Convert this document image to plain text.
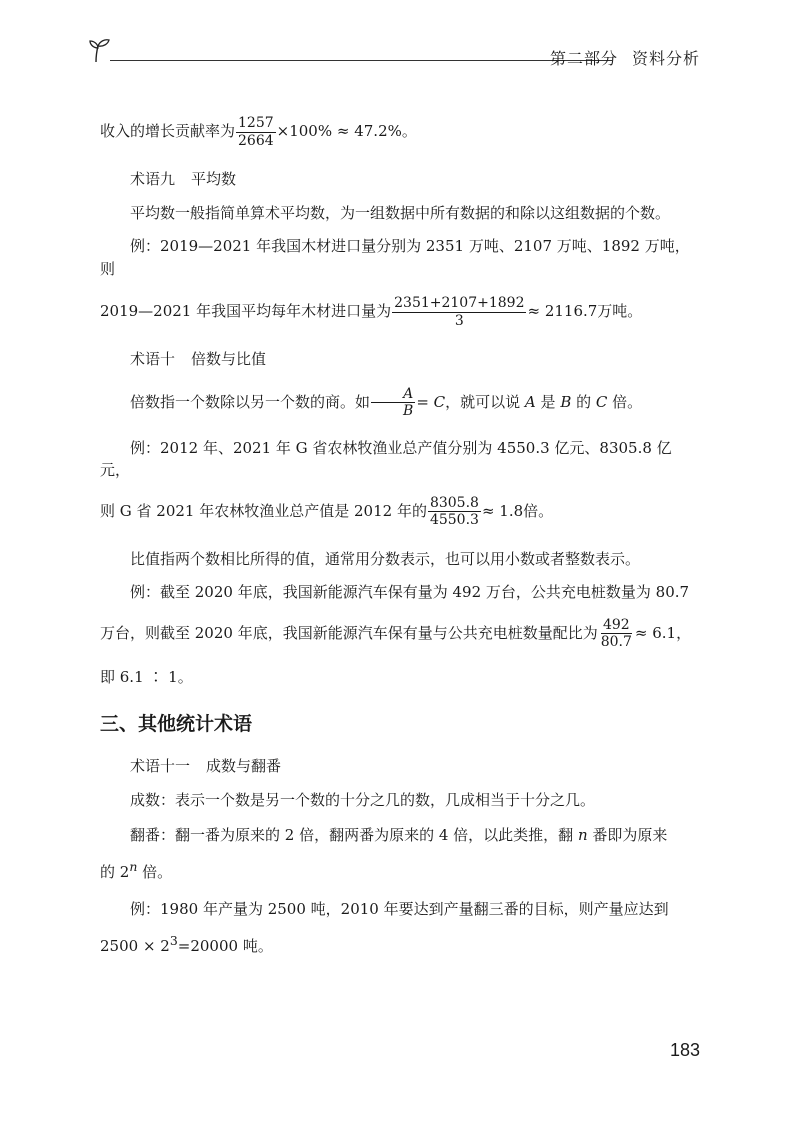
第二部分 资料分析

收入的增长贡献率为 $\frac{1257}{2664} \times 100\% \approx 47.2\%$。

术语九 平均数

平均数一般指简单算术平均数，为一组数据中所有数据的和除以这组数据的个数。

例：2019—2021 年我国木材进口量分别为 2351 万吨、2107 万吨、1892 万吨，则

2019—2021 年我国平均每年木材进口量为 $\frac{2351+2107+1892}{3} \approx 2116.7$万吨。

术语十 倍数与比值

倍数指一个数除以另一个数的商。如 $\frac{A}{B} = C$，就可以说 A 是 B 的 C 倍。

例：2012 年、2021 年 G 省农林牧渔业总产值分别为 4550.3 亿元、8305.8 亿元，

则 G 省 2021 年农林牧渔业总产值是 2012 年的 $\frac{8305.8}{4550.3} \approx 1.8$倍。

比值指两个数相比所得的值，通常用分数表示，也可以用小数或者整数表示。

例：截至 2020 年底，我国新能源汽车保有量为 492 万台，公共充电桩数量为 80.7

万台，则截至 2020 年底，我国新能源汽车保有量与公共充电桩数量配比为 $\frac{492}{80.7} \approx 6.1$，

即 6.1 ∶ 1。

三、其他统计术语

术语十一 成数与翻番

成数：表示一个数是另一个数的十分之几的数，几成相当于十分之几。

翻番：翻一番为原来的 2 倍，翻两番为原来的 4 倍，以此类推，翻 n 番即为原来

的 2$^n$ 倍。

例：1980 年产量为 2500 吨，2010 年要达到产量翻三番的目标，则产量应达到

$2500 \times 2^3=20000$ 吨。

183
